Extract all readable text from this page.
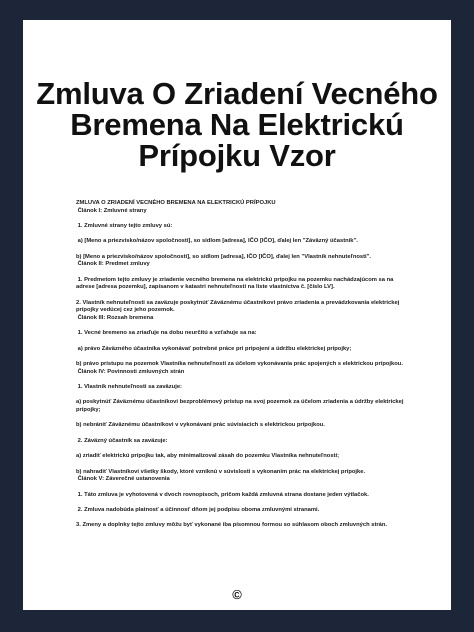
Zmluva O Zriadení Vecného
Bremena Na Elektrickú
Prípojku Vzor

ZMLUVA O ZRIADENÍ VECNÉHO BREMENA NA ELEKTRICKÚ PRÍPOJKU

Článok I: Zmluvné strany

1. Zmluvné strany tejto zmluvy sú:

a) [Meno a priezvisko/názov spoločnosti], so sídlom [adresa], IČO [IČO], ďalej len "Záväzný účastník".

b) [Meno a priezvisko/názov spoločnosti], so sídlom [adresa], IČO [IČO], ďalej len "Vlastník nehnuteľnosti".

Článok II: Predmet zmluvy

1. Predmetom tejto zmluvy je zriadenie vecného bremena na elektrickú prípojku na pozemku nachádzajúcom sa na adrese [adresa pozemku], zapísanom v katastri nehnuteľností na liste vlastníctva č. [číslo LV].

2. Vlastník nehnuteľnosti sa zaväzuje poskytnúť Záväznému účastníkovi právo zriadenia a prevádzkovania elektrickej prípojky vedúcej cez jeho pozemok.

Článok III: Rozsah bremena

1. Vecné bremeno sa zriaďuje na dobu neurčitú a vzťahuje sa na:

a) právo Záväzného účastníka vykonávať potrebné práce pri pripojení a údržbu elektrickej prípojky;

b) právo prístupu na pozemok Vlastníka nehnuteľnosti za účelom vykonávania prác spojených s elektrickou prípojkou.

Článok IV: Povinnosti zmluvných strán

1. Vlastník nehnuteľnosti sa zaväzuje:

a) poskytnúť Záväznému účastníkovi bezproblémový prístup na svoj pozemok za účelom zriadenia a údržby elektrickej prípojky;

b) nebrániť Záväznému účastníkovi v vykonávaní prác súvisiacich s elektrickou prípojkou.

2. Záväzný účastník sa zaväzuje:

a) zriadiť elektrickú prípojku tak, aby minimalizoval zásah do pozemku Vlastníka nehnuteľností;

b) nahradiť Vlastníkovi všetky škody, ktoré vzniknú v súvislosti s vykonaním prác na elektrickej prípojke.

Článok V: Záverečné ustanovenia

1. Táto zmluva je vyhotovená v dvoch rovnopisoch, pričom každá zmluvná strana dostane jeden výtlačok.

2. Zmluva nadobúda platnosť a účinnosť dňom jej podpisu oboma zmluvnými stranami.

3. Zmeny a doplnky tejto zmluvy môžu byť vykonané iba písomnou formou so súhlasom oboch zmluvných strán.

©
